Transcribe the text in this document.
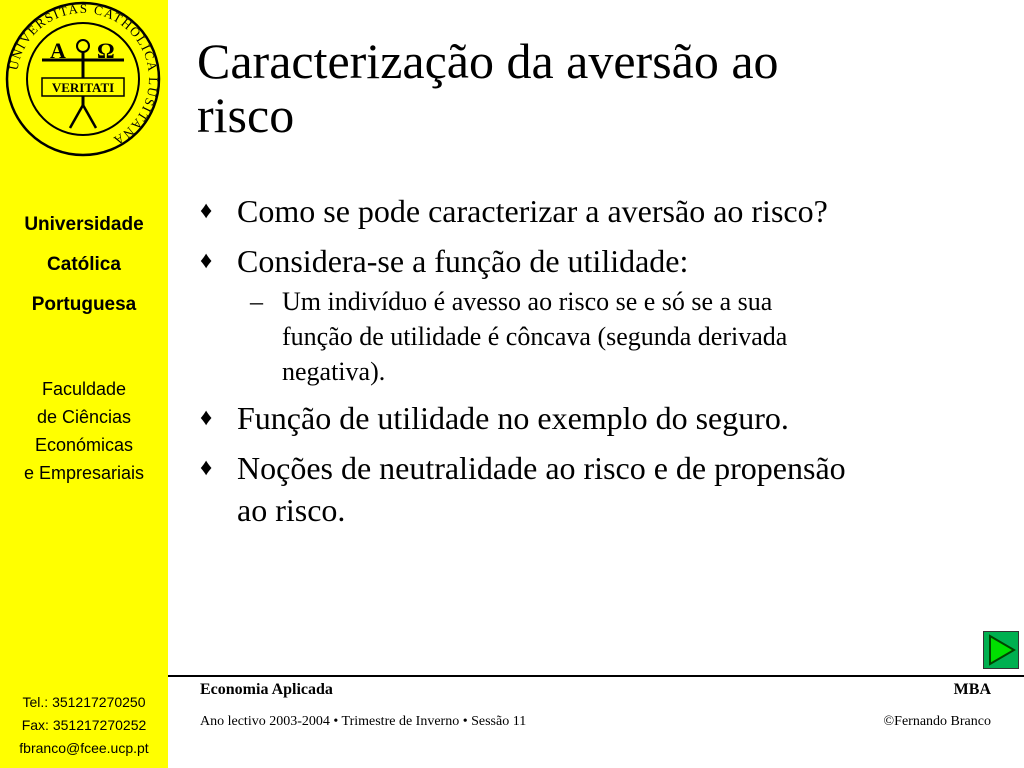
UNIVERSITAS CATHOLICA LUSITANA
A Ω
VERITATI
Universidade
Católica
Portuguesa
Faculdade
de Ciências
Económicas
e Empresariais
Tel.: 351217270250
Fax: 351217270252
fbranco@fcee.ucp.pt
Caracterização da aversão ao
risco
♦ Como se pode caracterizar a aversão ao risco?
♦ Considera-se a função de utilidade:
– Um indivíduo é avesso ao risco se e só se a sua
função de utilidade é côncava (segunda derivada
negativa).
♦ Função de utilidade no exemplo do seguro.
♦ Noções de neutralidade ao risco e de propensão
ao risco.
Economia Aplicada	MBA
Ano lectivo 2003-2004 • Trimestre de Inverno • Sessão 11	©Fernando Branco
